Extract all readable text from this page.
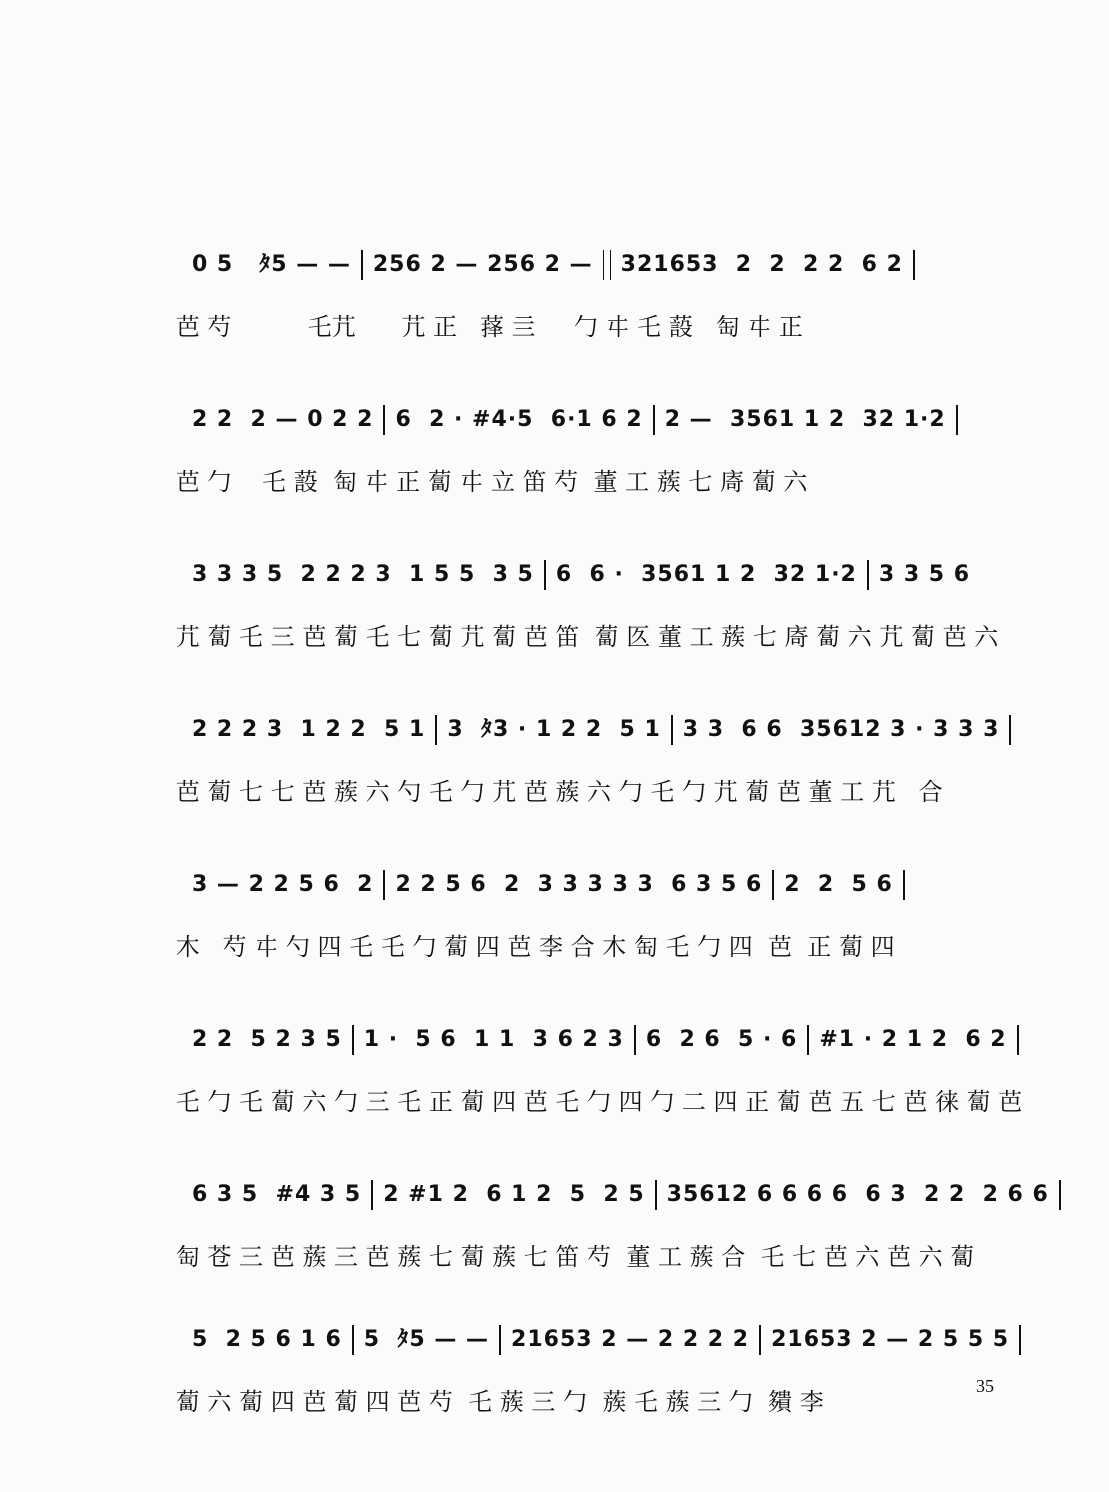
0 5 ﾀ5 — — 256 2 — 256 2 — 321653  2  2  2 2  6 2

芭 芍	乇芁 芁 正 萚 亖 勹 㐄 乇 蔎 匋 㐄 正

2 2  2 — 0 2 2 6  2 · #4·5  6·1 6 2 2 —  3561 1 2  32 1·2

芭 勹 乇 蔎 匋 㐄 正 蔔 㐄 立 笛 芍 董 工 蔟 七 㢊 蔔 六

3 3 3 5  2 2 2 3  1 5 5  3 5 6  6 ·  3561 1 2  32 1·2 3 3 5 6

芁 蔔 乇 三 芭 蔔 乇 七 蔔 芁 蔔 芭 笛 蔔 匛 董 工 蔟 七 㢊 蔔 六 芁 蔔 芭 六

2 2 2 3  1 2 2  5 1 3  ﾀ3 · 1 2 2  5 1 3 3  6 6  35612 3 · 3 3 3

芭 蔔 七 七 芭 蔟 六 勺 乇 勹 芁 芭 蔟 六 勹 乇 勹 芁 蔔 芭 董 工 芁 合

3 — 2 2 5 6  2 2 2 5 6  2  3 3 3 3 3  6 3 5 6 2  2  5 6

木 芍 㐄 勺 四 乇 乇 勹 蔔 四 芭 李 合 木 匋 乇 勹 四 芭 正 蔔 四

2 2  5 2 3 5 1 ·  5 6  1 1  3 6 2 3 6  2 6  5 · 6 #1 · 2 1 2  6 2

乇 勹 乇 蔔 六 勹 三 乇 正 蔔 四 芭 乇 勹 四 勹 二 四 正 蔔 芭 五 七 芭 徕 蔔 芭

6 3 5  #4 3 5 2 #1 2  6 1 2  5  2 5 35612 6 6 6 6  6 3  2 2  2 6 6

匋 苍 三 芭 蔟 三 芭 蔟 七 蔔 蔟 七 笛 芍 董 工 蔟 合 乇 七 芭 六 芭 六 蔔

5  2 5 6 1 6 5  ﾀ5 — — 21653 2 — 2 2 2 2 21653 2 — 2 5 5 5

蔔 六 蔔 四 芭 蔔 四 芭 芍 乇 蔟 三 勹 蔟 乇 蔟 三 勹 㚍 李

35
